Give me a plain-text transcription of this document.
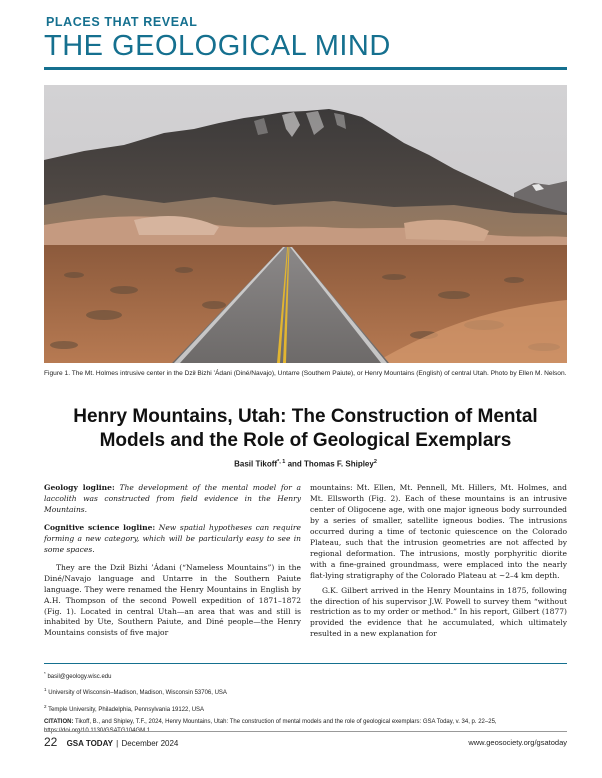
PLACES THAT REVEAL
THE GEOLOGICAL MIND
Figure 1. The Mt. Holmes intrusive center in the Dził Bizhi ’Ádani (Diné/Navajo), Untarre (Southern Paiute), or Henry Mountains (English) of central Utah. Photo by Ellen M. Nelson.
Henry Mountains, Utah: The Construction of Mental Models and the Role of Geological Exemplars
Basil Tikoff$^{*, 1}$ and Thomas F. Shipley$^2$

Geology logline: The development of the mental model for a laccolith was constructed from field evidence in the Henry Mountains.

Cognitive science logline: New spatial hypotheses can require forming a new category, which will be particularly easy to see in some spaces.

They are the Dził Bizhi ’Ádani (“Nameless Mountains”) in the Diné/Navajo language and Untarre in the Southern Paiute language. They were renamed the Henry Mountains in English by A.H. Thompson of the second Powell expedition of 1871–1872 (Fig. 1). Located in central Utah—an area that was and still is inhabited by Ute, Southern Paiute, and Diné people—the Henry Mountains consists of five major

mountains: Mt. Ellen, Mt. Pennell, Mt. Hillers, Mt. Holmes, and Mt. Ellsworth (Fig. 2). Each of these mountains is an intrusive center of Oligocene age, with one major igneous body surrounded by a series of smaller, satellite igneous bodies. The intrusions occurred during a time of tectonic quiescence on the Colorado Plateau, such that the intrusion geometries are not affected by regional deformation. The intrusions, mostly porphyritic diorite with a fine-grained groundmass, were emplaced into the nearly flat-lying stratigraphy of the Colorado Plateau at ~2–4 km depth.

G.K. Gilbert arrived in the Henry Mountains in 1875, following the direction of his supervisor J.W. Powell to survey them “without restriction as to my order or method.” In his report, Gilbert (1877) provided the evidence that he accumulated, which ultimately resulted in a new explanation for

* basil@geology.wisc.edu

$^1$ University of Wisconsin–Madison, Madison, Wisconsin 53706, USA

$^2$ Temple University, Philadelphia, Pennsylvania 19122, USA

CITATION: Tikoff, B., and Shipley, T.F., 2024, Henry Mountains, Utah: The construction of mental models and the role of geological exemplars: GSA Today, v. 34, p. 22–25,

22 GSA TODAY | December 2024	www.geosociety.org/gsatoday
